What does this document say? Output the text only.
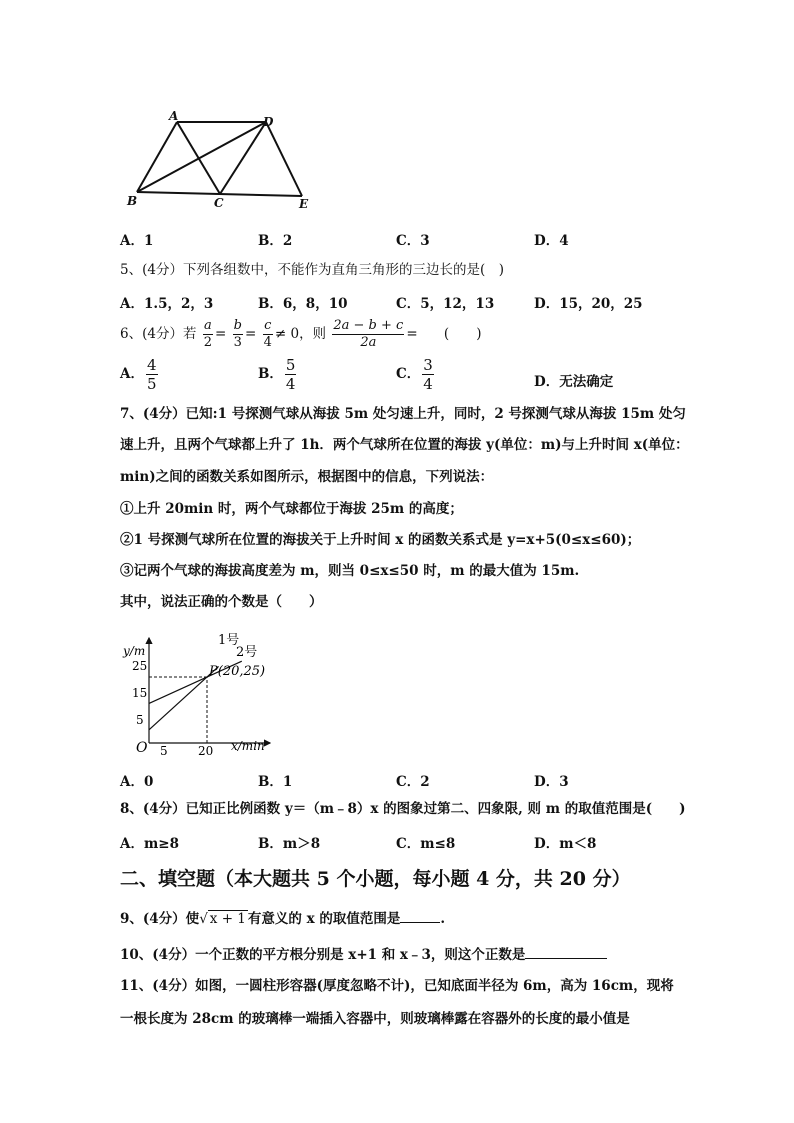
A	D
B	C	E
A．1	B．2	C．3	D．4
5、(4分）下列各组数中，不能作为直角三角形的三边长的是(　)
A．1.5，2，3	B．6，8，10	C．5，12，13	D．15，20，25
6、(4分）若 $\frac{a}{2} = \frac{b}{3} = \frac{c}{4} \ne 0$，则 $\frac{2a - b + c}{2a}$ = (　　)
A． $\frac{4}{5}$	B． $\frac{5}{4}$	C． $\frac{3}{4}$	D．无法确定
7、(4分）已知:1 号探测气球从海拔 5m 处匀速上升，同时，2 号探测气球从海拔 15m 处匀
速上升，且两个气球都上升了 1h．两个气球所在位置的海拔 y(单位：m)与上升时间 x(单位：
min)之间的函数关系如图所示，根据图中的信息，下列说法：
①上升 20min 时，两个气球都位于海拔 25m 的高度；
②1 号探测气球所在位置的海拔关于上升时间 x 的函数关系式是 y=x+5(0≤x≤60)；
③记两个气球的海拔高度差为 m，则当 0≤x≤50 时，m 的最大值为 15m.
其中，说法正确的个数是（　　）
y/m
x/min
O
25
15
5
5	20
P(20,25)
1号
2号
A．0	B．1	C．2	D．3
8、(4分）已知正比例函数 y＝（m﹣8）x 的图象过第二、四象限, 则 m 的取值范围是(　　)
A．m≥8	B．m＞8	C．m≤8	D．m＜8
二、填空题（本大题共 5 个小题，每小题 4 分，共 20 分）
9、(4分）使√ x + 1 有意义的 x 的取值范围是	.
10、(4分）一个正数的平方根分别是 x+1 和 x﹣3，则这个正数是
11、(4分）如图，一圆柱形容器(厚度忽略不计)，已知底面半径为 6m，高为 16cm，现将
一根长度为 28cm 的玻璃棒一端插入容器中，则玻璃棒露在容器外的长度的最小值是
